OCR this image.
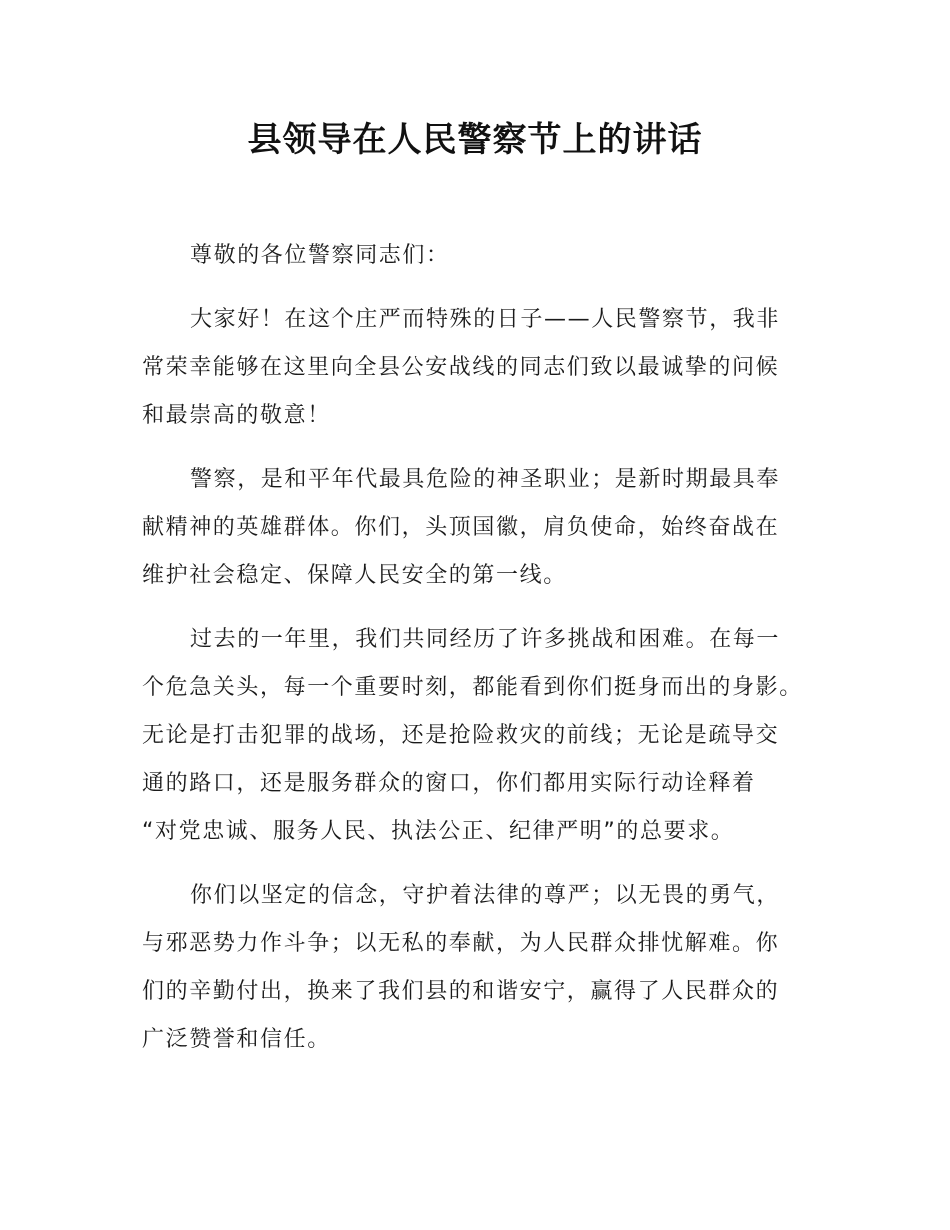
县领导在人民警察节上的讲话
尊敬的各位警察同志们：
大家好！在这个庄严而特殊的日子——人民警察节，我非
常荣幸能够在这里向全县公安战线的同志们致以最诚挚的问候
和最崇高的敬意！
警察，是和平年代最具危险的神圣职业；是新时期最具奉
献精神的英雄群体。你们，头顶国徽，肩负使命，始终奋战在
维护社会稳定、保障人民安全的第一线。
过去的一年里，我们共同经历了许多挑战和困难。在每一
个危急关头，每一个重要时刻，都能看到你们挺身而出的身影。
无论是打击犯罪的战场，还是抢险救灾的前线；无论是疏导交
通的路口，还是服务群众的窗口，你们都用实际行动诠释着
“对党忠诚、服务人民、执法公正、纪律严明”的总要求。
你们以坚定的信念，守护着法律的尊严；以无畏的勇气，
与邪恶势力作斗争；以无私的奉献，为人民群众排忧解难。你
们的辛勤付出，换来了我们县的和谐安宁，赢得了人民群众的
广泛赞誉和信任。
